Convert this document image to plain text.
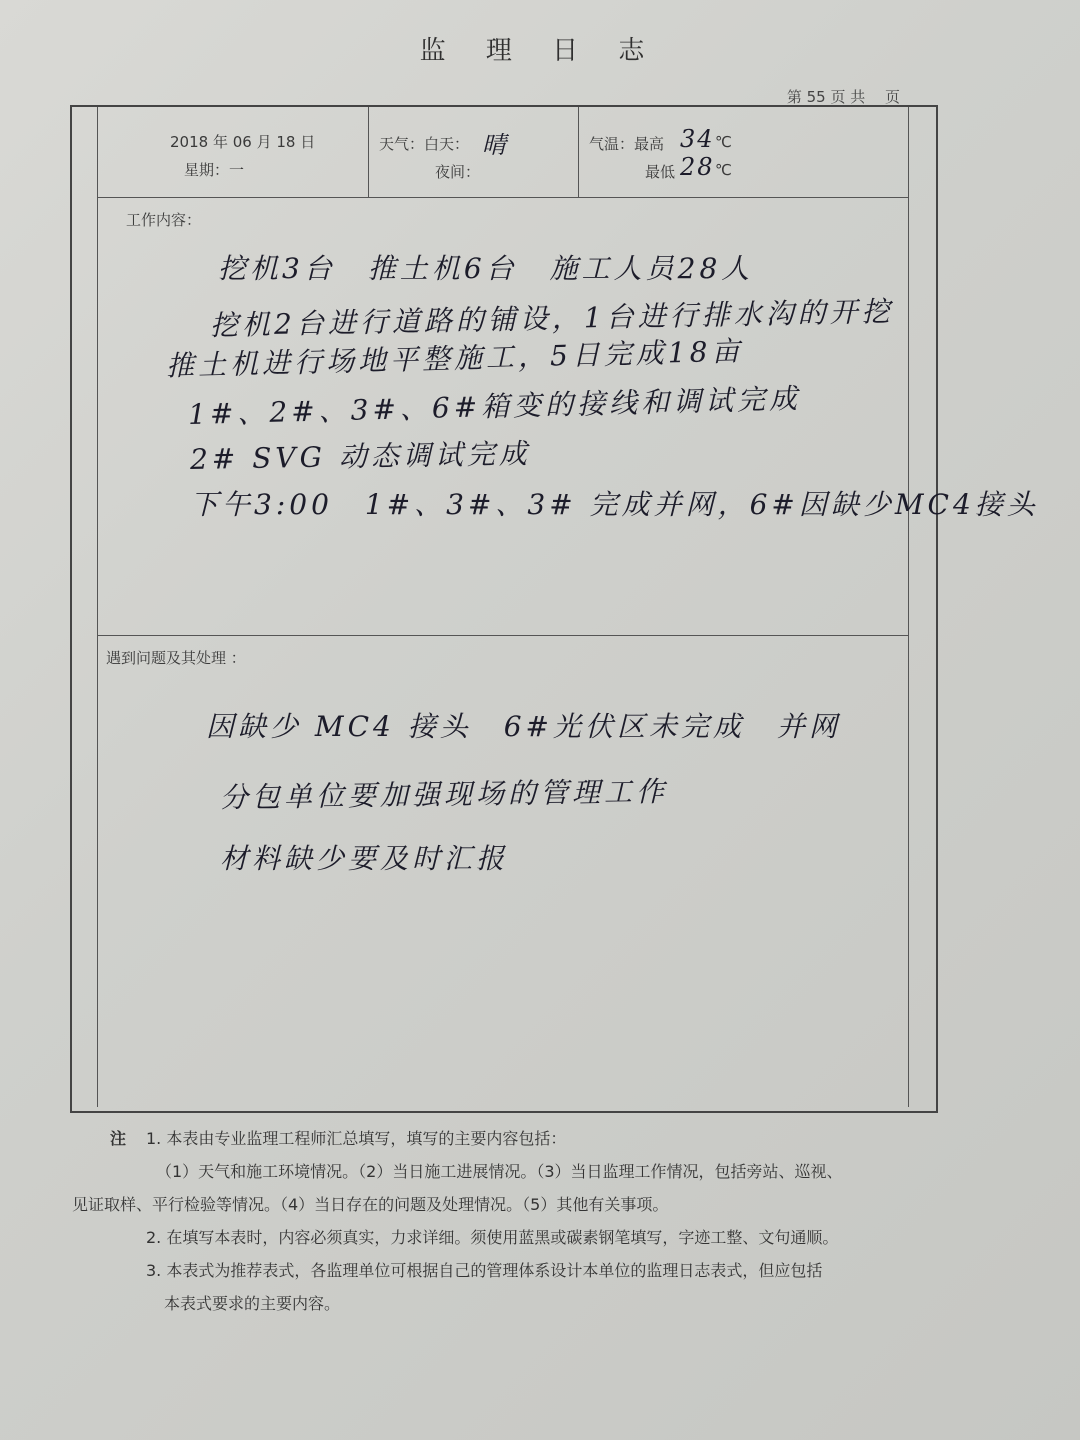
监 理 日 志
第 55 页 共　 页
2018 年 06 月 18 日
星期：一
天气：白天： 晴
夜间：
气温：最高 34 ℃
最低 28 ℃
工作内容：
挖机3台　推土机6台　施工人员28人
挖机2台进行道路的铺设，1台进行排水沟的开挖
推土机进行场地平整施工，5日完成18亩
1#、2#、3#、6#箱变的接线和调试完成
2# SVG 动态调试完成
下午3:00　1#、3#、3# 完成并网，6#因缺少MC4接头
遇到问题及其处理 ：
因缺少 MC4 接头　6#光伏区未完成　并网
分包单位要加强现场的管理工作
材料缺少要及时汇报
注 1. 本表由专业监理工程师汇总填写，填写的主要内容包括：
（1）天气和施工环境情况。（2）当日施工进展情况。（3）当日监理工作情况，包括旁站、巡视、
见证取样、平行检验等情况。（4）当日存在的问题及处理情况。（5）其他有关事项。
2. 在填写本表时，内容必须真实，力求详细。须使用蓝黑或碳素钢笔填写，字迹工整、文句通顺。
3. 本表式为推荐表式，各监理单位可根据自己的管理体系设计本单位的监理日志表式，但应包括
本表式要求的主要内容。
